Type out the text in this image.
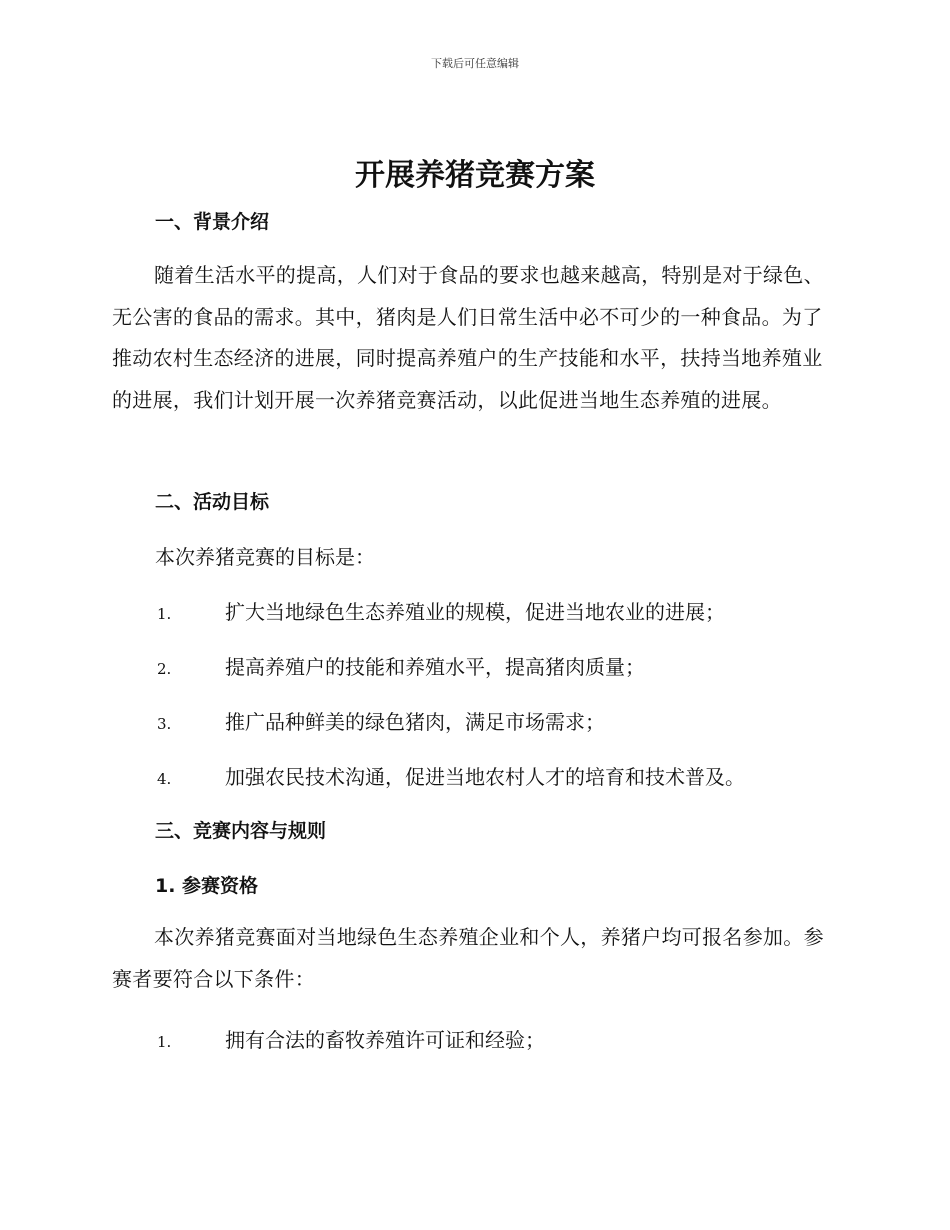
下载后可任意编辑
开展养猪竞赛方案
一、背景介绍

随着生活水平的提高，人们对于食品的要求也越来越高，特别是对于绿色、无公害的食品的需求。其中，猪肉是人们日常生活中必不可少的一种食品。为了推动农村生态经济的进展，同时提高养殖户的生产技能和水平，扶持当地养殖业的进展，我们计划开展一次养猪竞赛活动，以此促进当地生态养殖的进展。

二、活动目标
本次养猪竞赛的目标是：
1.	扩大当地绿色生态养殖业的规模，促进当地农业的进展；
2.	提高养殖户的技能和养殖水平，提高猪肉质量；
3.	推广品种鲜美的绿色猪肉，满足市场需求；
4.	加强农民技术沟通，促进当地农村人才的培育和技术普及。
三、竞赛内容与规则
1. 参赛资格

本次养猪竞赛面对当地绿色生态养殖企业和个人，养猪户均可报名参加。参赛者要符合以下条件：

1.	拥有合法的畜牧养殖许可证和经验；
